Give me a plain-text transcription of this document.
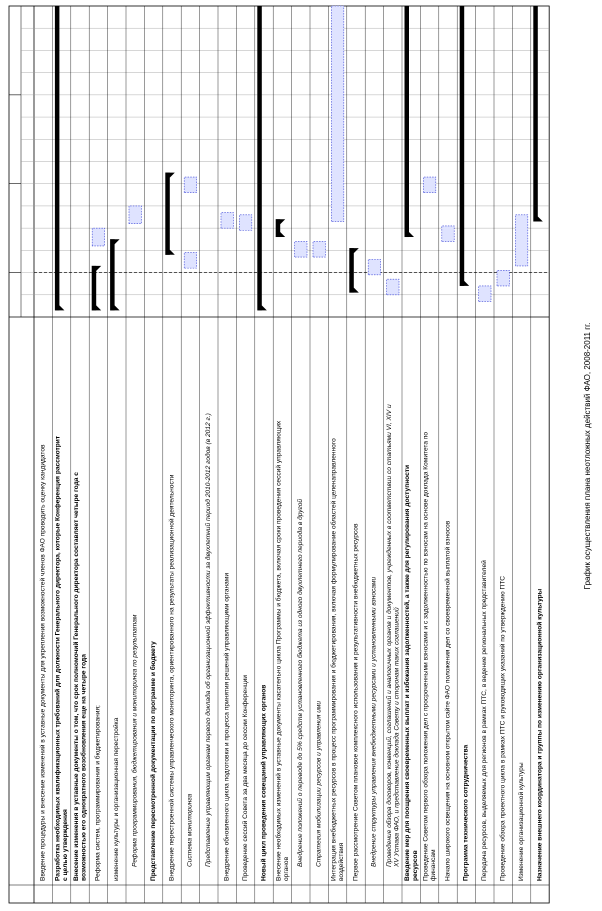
График осуществления плана неотложных действий ФАО, 2008-2011 гг.
Введение процедуры и внесение изменений в уставные документы для укрепления возможностей членов ФАО проводить оценку кандидатов Разработка необходимых квалификационных требований для должности Генерального директора, которые Конференция рассмотритс целью утверждения Внесение изменения в уставные документы о том, что срок полномочий Генерального директора составляет четыре года свозможностью его однократного возобновления еще на четыре года Реформа систем, программирования и бюджетирования; изменение культуры и организационная перестройка Реформа программирования, бюджетирования и мониторинга по результатам Представление пересмотренной документации по программе и бюджету Внедрение перестроенной системы управленческого мониторинга, ориентированного на результаты реализационной деятельности Система мониторинга Представление управляющим органам первого доклада об организационной эффективности за двухлетний период 2010-2012 годов (в 2012 г.) Внедрение обновленного цикла подготовки и процесса принятия решений управляющими органами Проведение сессий Совета за два месяца до сессии Конференции Новый цикл проведения совещаний управляющих органов Внесение необходимых изменений в уставные документы касательно цикла Программы и бюджета, включая сроки проведения сессий управляющихорганов
Внедрение положений о переводе до 5% средств установленного бюджета из одного двухлетнего периода в другой Стратегия мобилизации ресурсов и управления ими Интеграция внебюджетных ресурсов в процесс программирования и бюджетирования, включая формулирование областей целенаправленноговоздействия Первое рассмотрение Советом плановое комплексного использования и результативности внебюджетных ресурсов Внедрение структуры управления внебюджетными ресурсами и установленными взносами Проведение обзора договоров, конвенций, соглашений и аналогичных органов и документов, учрежденных в соответствии со статьями VI, XIV иXV Устава ФАО, и представление доклада Совету и сторонам таких соглашений Введение мер для поощрения своевременных выплат и избежания задолженностей, а также для регулирования доступностиресурсов Проведение Советом первого обзора положения дел с просроченными взносами и с задолженностью по взносам на основе доклада Комитета пофинансам Начало широкого освещения на основном открытом сайте ФАО положения дел со своевременной выплатой взносов Программа технического сотрудничества Передача ресурсов, выделяемых для регионов в рамках ПТС, в ведение региональных представителей Проведение обзора проектного цикла в рамках ПТС и руководящих указаний по утверждению ПТС Изменение организационной культуры Назначение внешнего координатора и группы по изменению организационной культуры
